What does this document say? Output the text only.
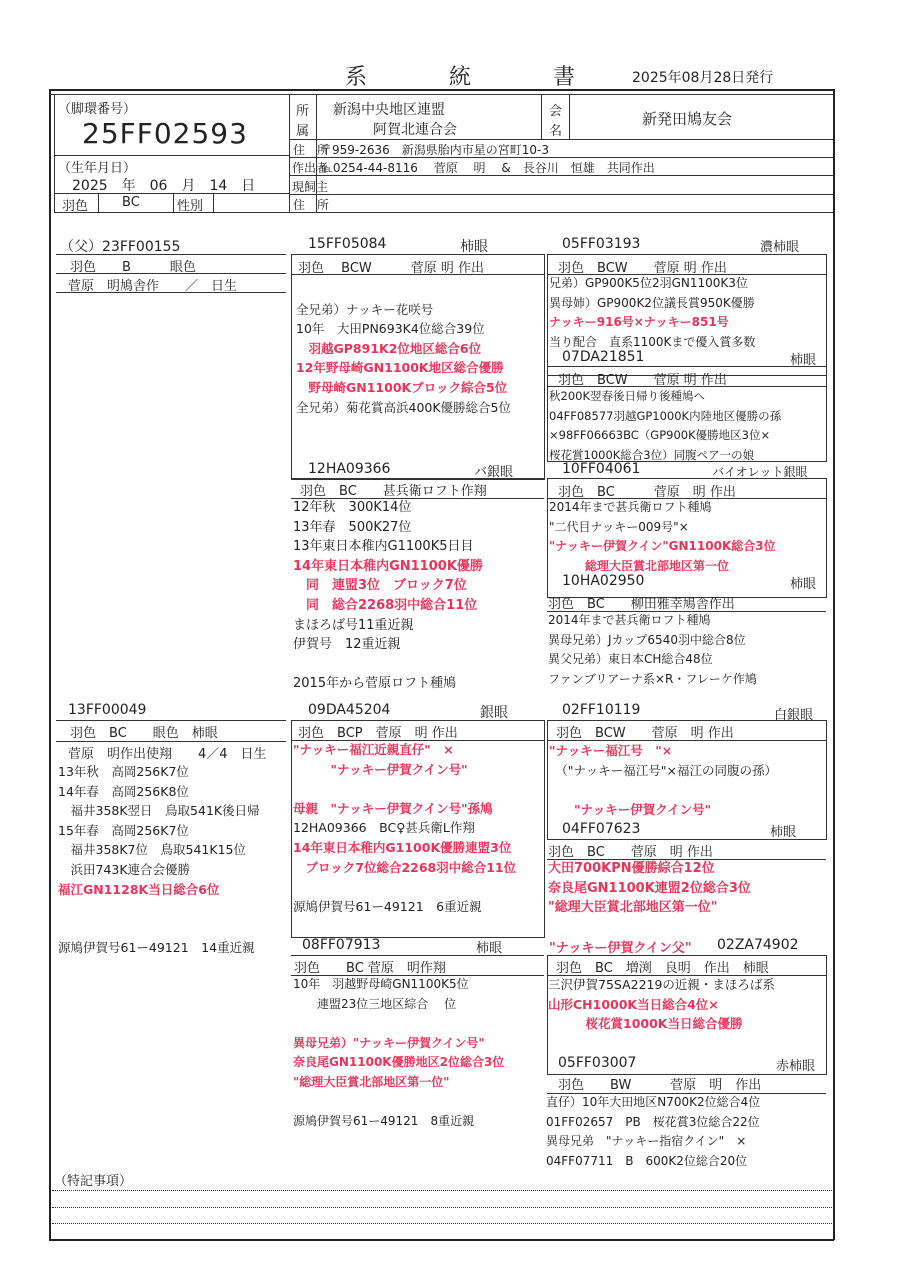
系　統　書 2025年08月28日発行
（脚環番号）
25FF02593
（生年月日）
2025　年　06　月　14　日
羽色	BC	性別
所
属
新潟中央地区連盟
阿賀北連合会
会
名
新発田鳩友会
住　所
〒959-2636　新潟県胎内市星の宮町10-3
作出者
℡0254-44-8116　 菅原　 明　 &　長谷川　恒雄　共同作出
現飼主
住　所
（父）23FF00155
羽色　　B　　　眼色
菅原　明鳩舎作　　／　日生
15FF05084	柿眼
羽色　 BCW　　　菅原 明 作出

全兄弟）ナッキー花咲号
10年　大田PN693K4位総合39位
　羽越GP891K2位地区総合6位
12年野母崎GN1100K地区総合優勝
　野母崎GN1100Kブロック綜合5位
全兄弟）菊花賞高浜400K優勝総合5位
05FF03193	濃柿眼
羽色　BCW　　菅原 明 作出
兄弟）GP900K5位2羽GN1100K3位
異母姉）GP900K2位議長賞950K優勝
ナッキー916号×ナッキー851号
当り配合　直系1100Kまで優入賞多数
07DA21851	柿眼
羽色　BCW　　菅原 明 作出
秋200K翌春後日帰り後種鳩へ
04FF08577羽越GP1000K内陸地区優勝の孫
×98FF06663BC（GP900K優勝地区3位×
桜花賞1000K総合3位）同腹ペア一の娘
12HA09366	バ銀眼
羽色　BC　　甚兵衛ロフト作翔
12年秋　300K14位
13年春　500K27位
13年東日本稚内G1100K5日目
14年東日本稚内GN1100K優勝
　同　連盟3位　ブロック7位
　同　総合2268羽中総合11位
まほろば号11重近親
伊賀号　12重近親

2015年から菅原ロフト種鳩
10FF04061	バイオレット銀眼
羽色　BC　　　菅原　明 作出
2014年まで甚兵衛ロフト種鳩
"二代目ナッキー009号"×
"ナッキー伊賀クイン"GN1100K総合3位
　　　総理大臣賞北部地区第一位
10HA02950	柿眼
羽色　BC　　柳田雅幸鳩舎作出
2014年まで甚兵衛ロフト種鳩
異母兄弟）Jカップ6540羽中総合8位
異父兄弟）東日本CH総合48位
ファンブリアーナ系×R・フレーケ作鳩
13FF00049
羽色　BC　　眼色　柿眼
菅原　明作出使翔　　4／4　日生
13年秋　高岡256K7位
14年春　高岡256K8位
　福井358K翌日　鳥取541K後日帰
15年春　高岡256K7位
　福井358K7位　鳥取541K15位
　浜田743K連合会優勝
福江GN1128K当日総合6位

源鳩伊賀号61ー49121　14重近親
09DA45204	銀眼
羽色　BCP　菅原　明 作出
"ナッキー福江近親直仔"　×
　　　"ナッキー伊賀クイン号"

母親　"ナッキー伊賀クイン号"孫鳩
12HA09366　BC♀甚兵衛L作翔
14年東日本稚内G1100K優勝連盟3位
　ブロック7位総合2268羽中総合11位

源鳩伊賀号61ー49121　6重近親
02FF10119	白銀眼
羽色　BCW　　菅原　明 作出
"ナッキー福江号　"×
　（"ナッキー福江号"×福江の同腹の孫）

　　"ナッキー伊賀クイン号"
04FF07623	柿眼
羽色　BC　　菅原　明 作出
大田700KPN優勝綜合12位
奈良尾GN1100K連盟2位総合3位
"総理大臣賞北部地区第一位"
08FF07913	柿眼
羽色　　BC 菅原　明作翔
10年　羽越野母崎GN1100K5位
　　連盟23位三地区綜合　 位

異母兄弟）"ナッキー伊賀クイン号"
奈良尾GN1100K優勝地区2位総合3位
"総理大臣賞北部地区第一位"

源鳩伊賀号61ー49121　8重近親
"ナッキー伊賀クイン父" 02ZA74902
羽色　BC　増渕　良明　作出　柿眼
三沢伊賀75SA2219の近親・まほろば系
山形CH1000K当日総合4位×
　　　桜花賞1000K当日総合優勝
05FF03007	赤柿眼
羽色　　BW　　　菅原　明　作出
直仔）10年大田地区N700K2位総合4位
01FF02657　PB　桜花賞3位総合22位
異母兄弟　"ナッキー指宿クイン"　×
04FF07711　B　600K2位総合20位
（特記事項）
